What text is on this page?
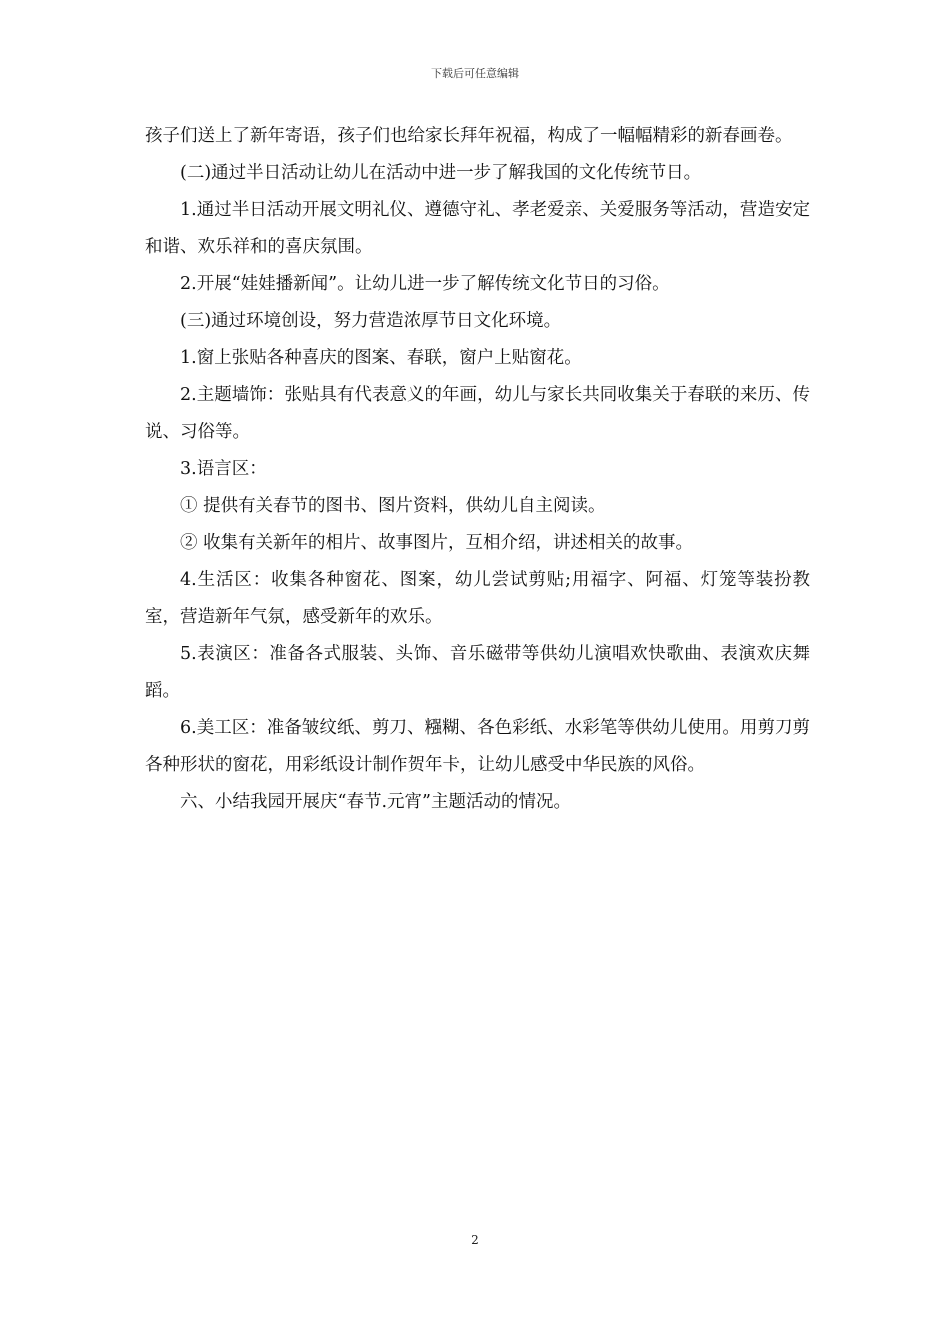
下载后可任意编辑

孩子们送上了新年寄语，孩子们也给家长拜年祝福，构成了一幅幅精彩的新春画卷。

(二)通过半日活动让幼儿在活动中进一步了解我国的文化传统节日。

1.通过半日活动开展文明礼仪、遵德守礼、孝老爱亲、关爱服务等活动，营造安定和谐、欢乐祥和的喜庆氛围。

2.开展“娃娃播新闻”。让幼儿进一步了解传统文化节日的习俗。

(三)通过环境创设，努力营造浓厚节日文化环境。

1.窗上张贴各种喜庆的图案、春联，窗户上贴窗花。

2.主题墙饰：张贴具有代表意义的年画，幼儿与家长共同收集关于春联的来历、传说、习俗等。

3.语言区：

① 提供有关春节的图书、图片资料，供幼儿自主阅读。

② 收集有关新年的相片、故事图片，互相介绍，讲述相关的故事。

4.生活区：收集各种窗花、图案，幼儿尝试剪贴;用福字、阿福、灯笼等装扮教室，营造新年气氛，感受新年的欢乐。

5.表演区：准备各式服装、头饰、音乐磁带等供幼儿演唱欢快歌曲、表演欢庆舞蹈。

6.美工区：准备皱纹纸、剪刀、糨糊、各色彩纸、水彩笔等供幼儿使用。用剪刀剪各种形状的窗花，用彩纸设计制作贺年卡，让幼儿感受中华民族的风俗。

六、小结我园开展庆“春节.元宵”主题活动的情况。

2
